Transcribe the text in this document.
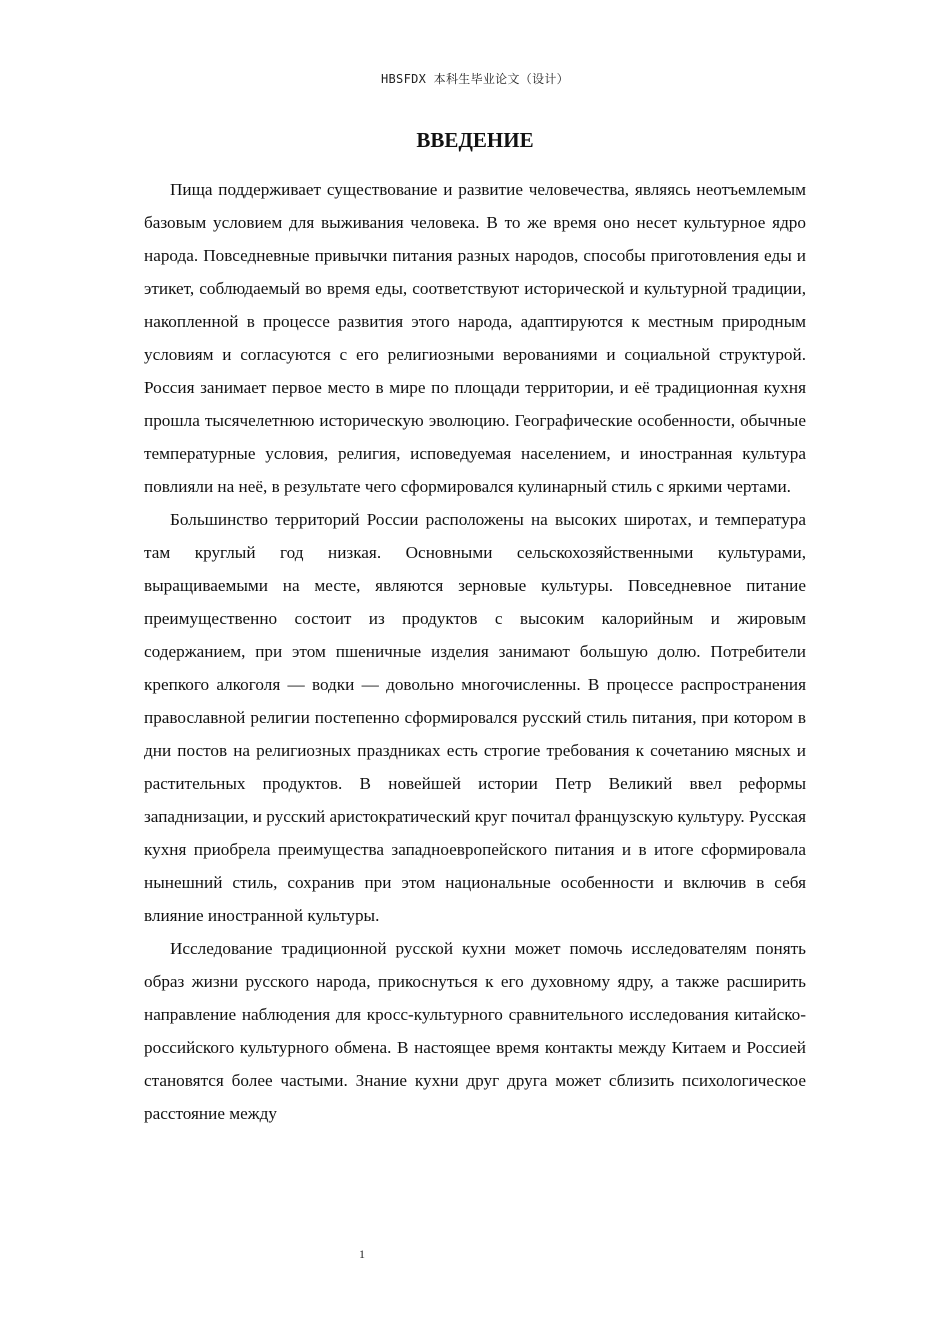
HBSFDX 本科生毕业论文（设计）
ВВЕДЕНИЕ

Пища поддерживает существование и развитие человечества, являясь неотъемлемым базовым условием для выживания человека. В то же время оно несет культурное ядро народа. Повседневные привычки питания разных народов, способы приготовления еды и этикет, соблюдаемый во время еды, соответствуют исторической и культурной традиции, накопленной в процессе развития этого народа, адаптируются к местным природным условиям и согласуются с его религиозными верованиями и социальной структурой. Россия занимает первое место в мире по площади территории, и её традиционная кухня прошла тысячелетнюю историческую эволюцию. Географические особенности, обычные температурные условия, религия, исповедуемая населением, и иностранная культура повлияли на неё, в результате чего сформировался кулинарный стиль с яркими чертами.

Большинство территорий России расположены на высоких широтах, и температура там круглый год низкая. Основными сельскохозяйственными культурами, выращиваемыми на месте, являются зерновые культуры. Повседневное питание преимущественно состоит из продуктов с высоким калорийным и жировым содержанием, при этом пшеничные изделия занимают большую долю. Потребители крепкого алкоголя — водки — довольно многочисленны. В процессе распространения православной религии постепенно сформировался русский стиль питания, при котором в дни постов на религиозных праздниках есть строгие требования к сочетанию мясных и растительных продуктов. В новейшей истории Петр Великий ввел реформы западнизации, и русский аристократический круг почитал французскую культуру. Русская кухня приобрела преимущества западноевропейского питания и в итоге сформировала нынешний стиль, сохранив при этом национальные особенности и включив в себя влияние иностранной культуры.

Исследование традиционной русской кухни может помочь исследователям понять образ жизни русского народа, прикоснуться к его духовному ядру, а также расширить направление наблюдения для кросс-культурного сравнительного исследования китайско-российского культурного обмена. В настоящее время контакты между Китаем и Россией становятся более частыми. Знание кухни друг друга может сблизить психологическое расстояние между

1
